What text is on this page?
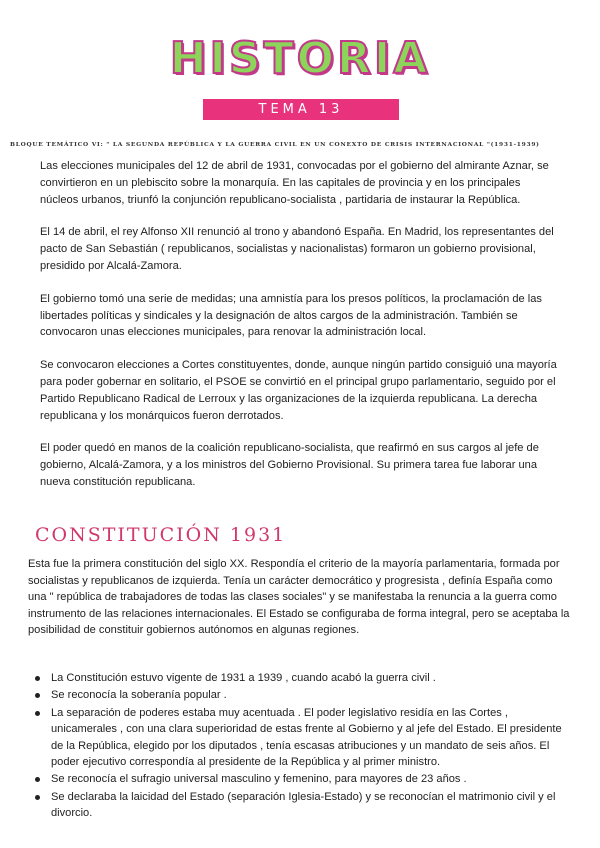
HISTORIA
TEMA 13
BLOQUE TEMÁTICO VI: " LA SEGUNDA REPÚBLICA Y LA GUERRA CIVIL EN UN CONEXTO DE CRISIS INTERNACIONAL "(1931-1939)

Las elecciones municipales del 12 de abril de 1931, convocadas por el gobierno del almirante Aznar, se convirtieron en un plebiscito sobre la monarquía. En las capitales de provincia y en los principales núcleos urbanos, triunfó la conjunción republicano-socialista , partidaria de instaurar la República.

El 14 de abril, el rey Alfonso XII renunció al trono y abandonó España. En Madrid, los representantes del pacto de San Sebastián ( republicanos, socialistas y nacionalistas) formaron un gobierno provisional, presidido por Alcalá-Zamora.

El gobierno tomó una serie de medidas; una amnistía para los presos políticos, la proclamación de las libertades políticas y sindicales y la designación de altos cargos de la administración. También se convocaron unas elecciones municipales, para renovar la administración local.

Se convocaron elecciones a Cortes constituyentes, donde, aunque ningún partido consiguió una mayoría para poder gobernar en solitario, el PSOE se convirtió en el principal grupo parlamentario, seguido por el Partido Republicano Radical de Lerroux y las organizaciones de la izquierda republicana. La derecha republicana y los monárquicos fueron derrotados.

El poder quedó en manos de la coalición republicano-socialista, que reafirmó en sus cargos al jefe de gobierno, Alcalá-Zamora, y a los ministros del Gobierno Provisional. Su primera tarea fue laborar una nueva constitución republicana.

CONSTITUCIÓN 1931

Esta fue la primera constitución del siglo XX. Respondía el criterio de la mayoría parlamentaria, formada por socialistas y republicanos de izquierda. Tenía un carácter democrático y progresista , definía España como una " república de trabajadores de todas las clases sociales" y se manifestaba la renuncia a la guerra como instrumento de las relaciones internacionales. El Estado se configuraba de forma integral, pero se aceptaba la posibilidad de constituir gobiernos autónomos en algunas regiones.

La Constitución estuvo vigente de 1931 a 1939 , cuando acabó la guerra civil .
Se reconocía la soberanía popular .
La separación de poderes estaba muy acentuada . El poder legislativo residía en las Cortes , unicamerales , con una clara superioridad de estas frente al Gobierno y al jefe del Estado. El presidente de la República, elegido por los diputados , tenía escasas atribuciones y un mandato de seis años. El poder ejecutivo correspondía al presidente de la República y al primer ministro.
Se reconocía el sufragio universal masculino y femenino, para mayores de 23 años .
Se declaraba la laicidad del Estado (separación Iglesia-Estado) y se reconocían el matrimonio civil y el divorcio.
